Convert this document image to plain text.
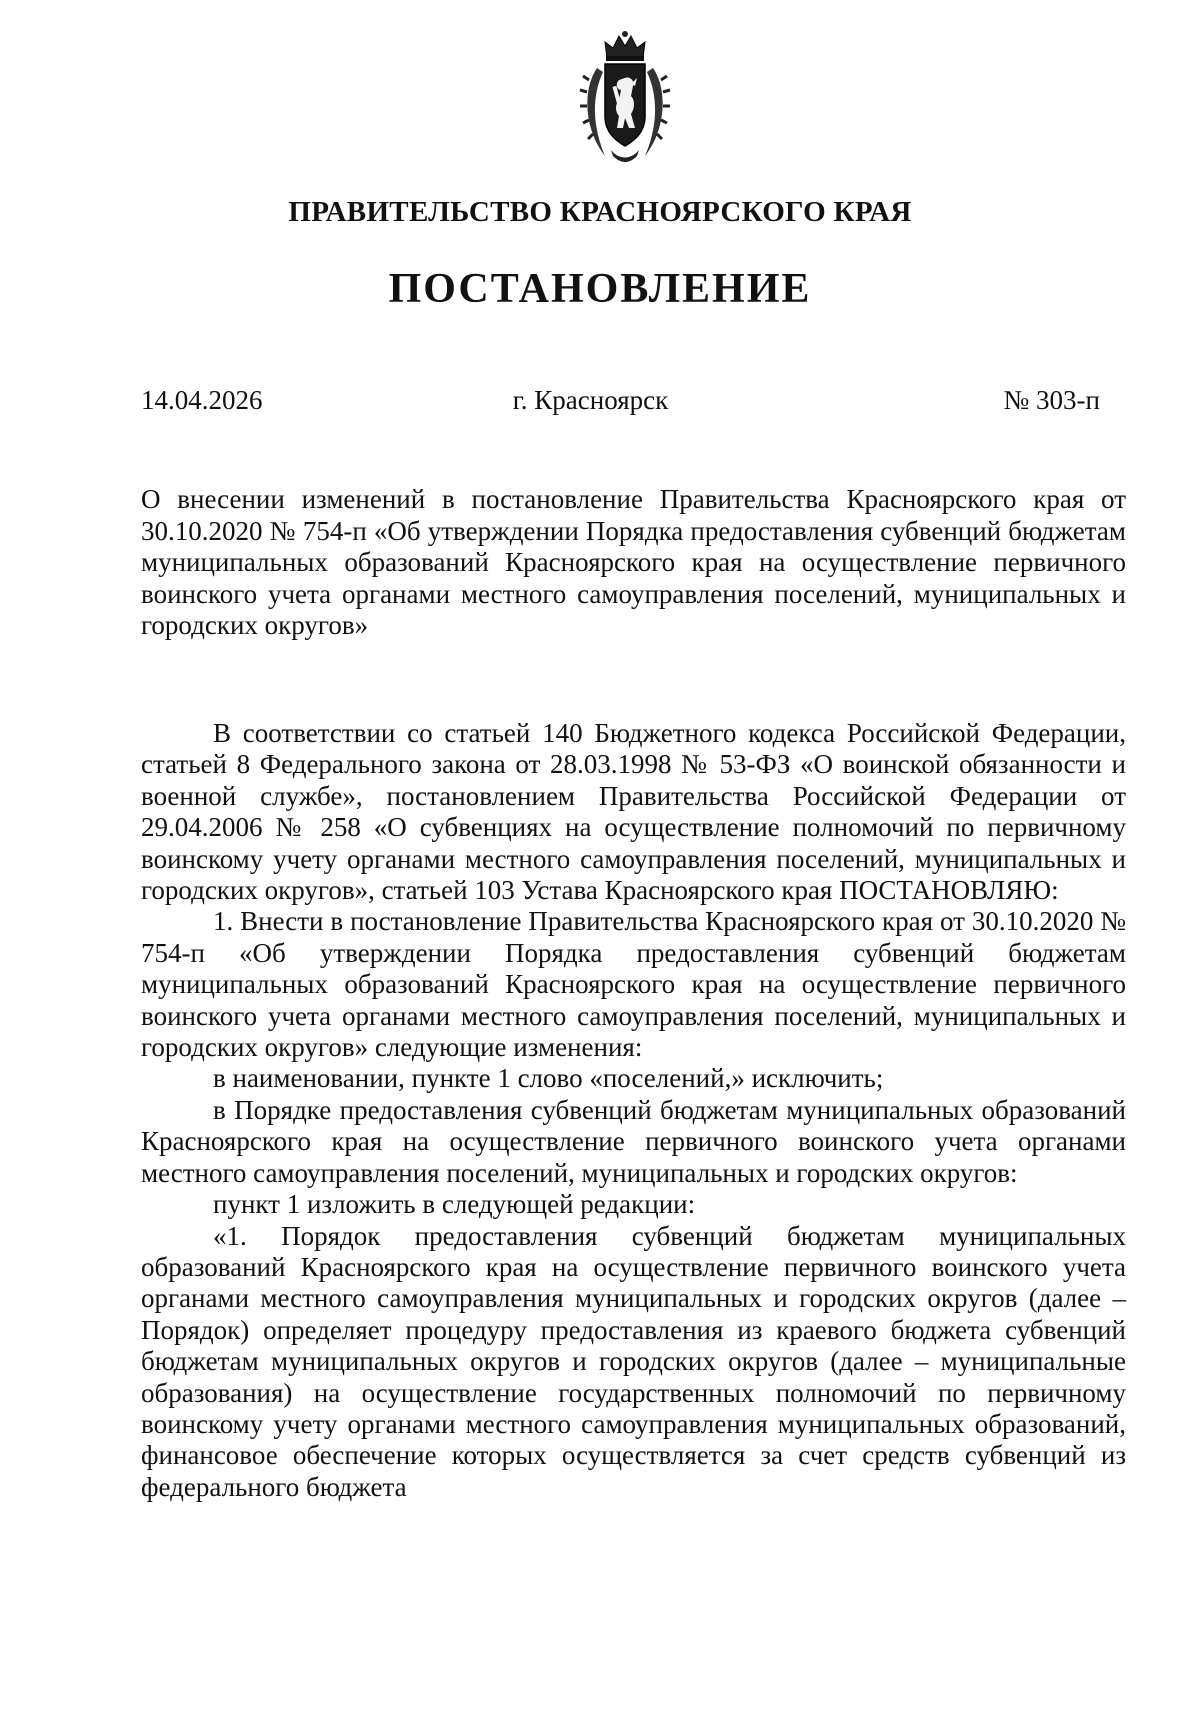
ПРАВИТЕЛЬСТВО КРАСНОЯРСКОГО КРАЯ
ПОСТАНОВЛЕНИЕ
14.04.2026	г. Красноярск	№ 303-п
О внесении изменений в постановление Правительства Красноярского края от 30.10.2020 № 754-п «Об утверждении Порядка предоставления субвенций бюджетам муниципальных образований Красноярского края на осуществление первичного воинского учета органами местного самоуправления поселений, муниципальных и городских округов»

В соответствии со статьей 140 Бюджетного кодекса Российской Федерации, статьей 8 Федерального закона от 28.03.1998 № 53-ФЗ «О воинской обязанности и военной службе», постановлением Правительства Российской Федерации от 29.04.2006 № 258 «О субвенциях на осуществление полномочий по первичному воинскому учету органами местного самоуправления поселений, муниципальных и городских округов», статьей 103 Устава Красноярского края ПОСТАНОВЛЯЮ:

1. Внести в постановление Правительства Красноярского края от 30.10.2020 № 754-п «Об утверждении Порядка предоставления субвенций бюджетам муниципальных образований Красноярского края на осуществление первичного воинского учета органами местного самоуправления поселений, муниципальных и городских округов» следующие изменения:

в наименовании, пункте 1 слово «поселений,» исключить;

в Порядке предоставления субвенций бюджетам муниципальных образований Красноярского края на осуществление первичного воинского учета органами местного самоуправления поселений, муниципальных и городских округов:

пункт 1 изложить в следующей редакции:

«1. Порядок предоставления субвенций бюджетам муниципальных образований Красноярского края на осуществление первичного воинского учета органами местного самоуправления муниципальных и городских округов (далее – Порядок) определяет процедуру предоставления из краевого бюджета субвенций бюджетам муниципальных округов и городских округов (далее – муниципальные образования) на осуществление государственных полномочий по первичному воинскому учету органами местного самоуправления муниципальных образований, финансовое обеспечение которых осуществляется за счет средств субвенций из федерального бюджета
